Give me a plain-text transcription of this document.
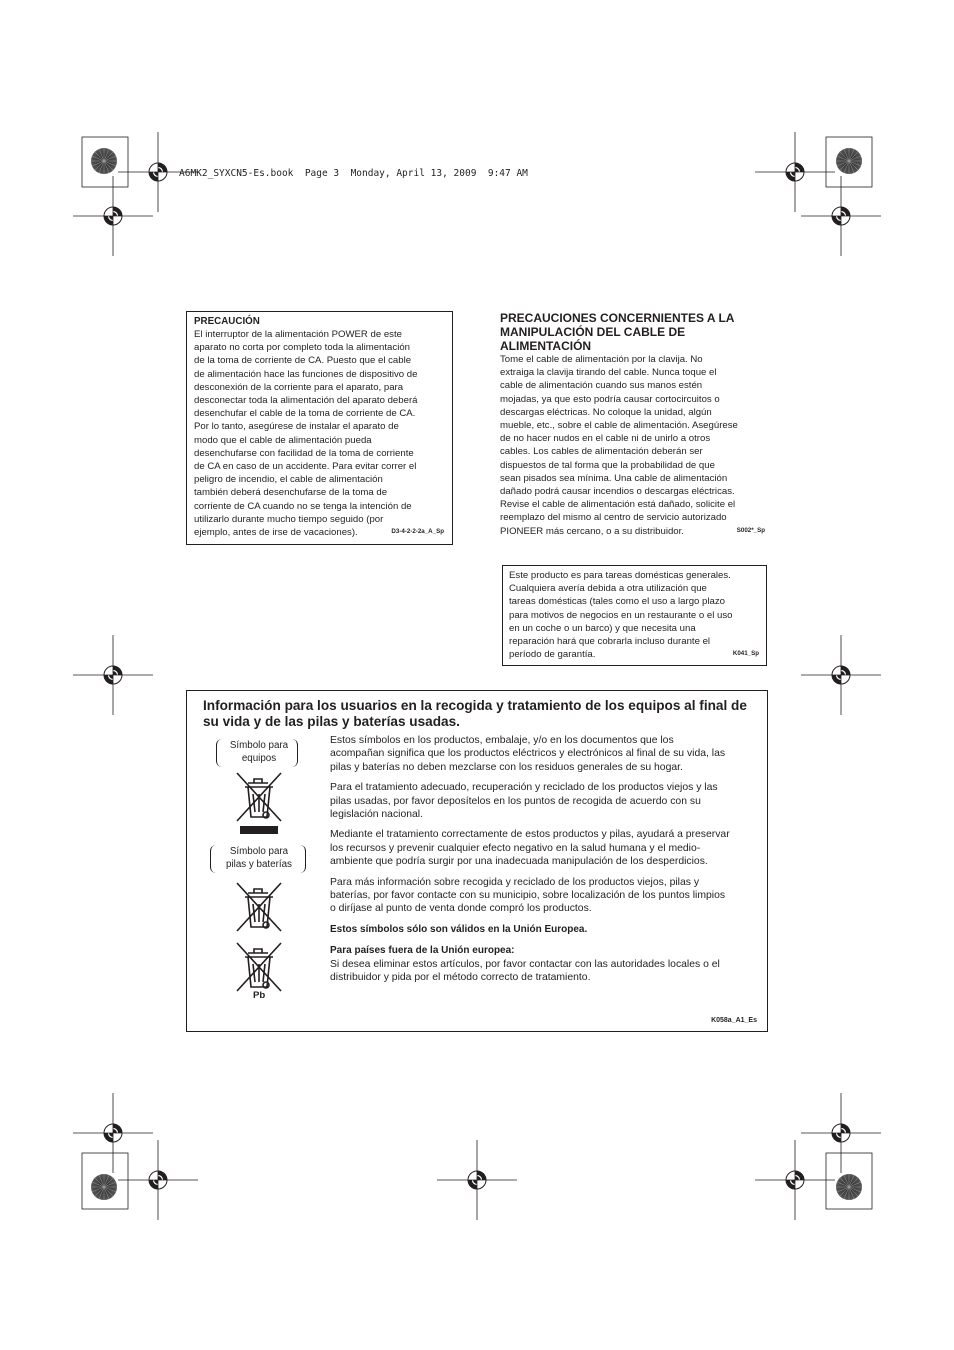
A6MK2_SYXCN5-Es.book  Page 3  Monday, April 13, 2009  9:47 AM
PRECAUCIÓN
El interruptor de la alimentación POWER de este
aparato no corta por completo toda la alimentación
de la toma de corriente de CA. Puesto que el cable
de alimentación hace las funciones de dispositivo de
desconexión de la corriente para el aparato, para
desconectar toda la alimentación del aparato deberá
desenchufar el cable de la toma de corriente de CA.
Por lo tanto, asegúrese de instalar el aparato de
modo que el cable de alimentación pueda
desenchufarse con facilidad de la toma de corriente
de CA en caso de un accidente. Para evitar correr el
peligro de incendio, el cable de alimentación
también deberá desenchufarse de la toma de
corriente de CA cuando no se tenga la intención de
utilizarlo durante mucho tiempo seguido (por
ejemplo, antes de irse de vacaciones).	D3-4-2-2-2a_A_Sp
PRECAUCIONES CONCERNIENTES A LA
MANIPULACIÓN DEL CABLE DE
ALIMENTACIÓN
Tome el cable de alimentación por la clavija. No
extraiga la clavija tirando del cable. Nunca toque el
cable de alimentación cuando sus manos estén
mojadas, ya que esto podría causar cortocircuitos o
descargas eléctricas. No coloque la unidad, algún
mueble, etc., sobre el cable de alimentación. Asegúrese
de no hacer nudos en el cable ni de unirlo a otros
cables. Los cables de alimentación deberán ser
dispuestos de tal forma que la probabilidad de que
sean pisados sea mínima. Una cable de alimentación
dañado podrá causar incendios o descargas eléctricas.
Revise el cable de alimentación está dañado, solicite el
reemplazo del mismo al centro de servicio autorizado
PIONEER más cercano, o a su distribuidor.	S002*_Sp
Este producto es para tareas domésticas generales.
Cualquiera avería debida a otra utilización que
tareas domésticas (tales como el uso a largo plazo
para motivos de negocios en un restaurante o el uso
en un coche o un barco) y que necesita una
reparación hará que cobrarla incluso durante el
período de garantía.	K041_Sp
Información para los usuarios en la recogida y tratamiento de los equipos al final de
su vida y de las pilas y baterías usadas.
Símbolo para
equipos
Símbolo para
pilas y baterías
Pb
Estos símbolos en los productos, embalaje, y/o en los documentos que los
acompañan significa que los productos eléctricos y electrónicos al final de su vida, las
pilas y baterías no deben mezclarse con los residuos generales de su hogar.
Para el tratamiento adecuado, recuperación y reciclado de los productos viejos y las
pilas usadas, por favor deposítelos en los puntos de recogida de acuerdo con su
legislación nacional.
Mediante el tratamiento correctamente de estos productos y pilas, ayudará a preservar
los recursos y prevenir cualquier efecto negativo en la salud humana y el medio-
ambiente que podría surgir por una inadecuada manipulación de los desperdicios.
Para más información sobre recogida y reciclado de los productos viejos, pilas y
baterías, por favor contacte con su municipio, sobre localización de los puntos limpios
o diríjase al punto de venta donde compró los productos.
Estos símbolos sólo son válidos en la Unión Europea.
Para países fuera de la Unión europea:
Si desea eliminar estos artículos, por favor contactar con las autoridades locales o el
distribuidor y pida por el método correcto de tratamiento.
K058a_A1_Es
